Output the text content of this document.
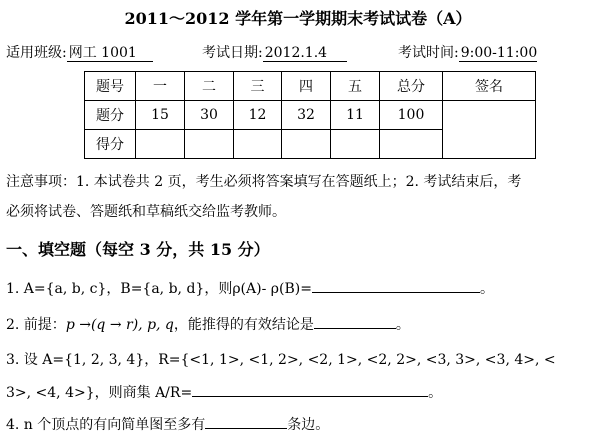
2011～2012 学年第一学期期末考试试卷（A）
适用班级: 网工 1001	考试日期: 2012.1.4	考试时间: 9:00-11:00
题号	一	二	三	四	五	总分	签名
题分	15	30	12	32	11	100	
得分							
注意事项：1. 本试卷共 2 页，考生必须将答案填写在答题纸上；2. 考试结束后，考
必须将试卷、答题纸和草稿纸交给监考教师。
一、填空题（每空 3 分，共 15 分）
1. A={a, b, c}，B={a, b, d}，则ρ(A)- ρ(B)=	。
2. 前提：p →(q → r), p, q，能推得的有效结论是	。
3. 设 A={1, 2, 3, 4}，R={<1, 1>, <1, 2>, <2, 1>, <2, 2>, <3, 3>, <3, 4>, <
3>, <4, 4>}，则商集 A/R=	。
4. n 个顶点的有向简单图至多有	条边。
